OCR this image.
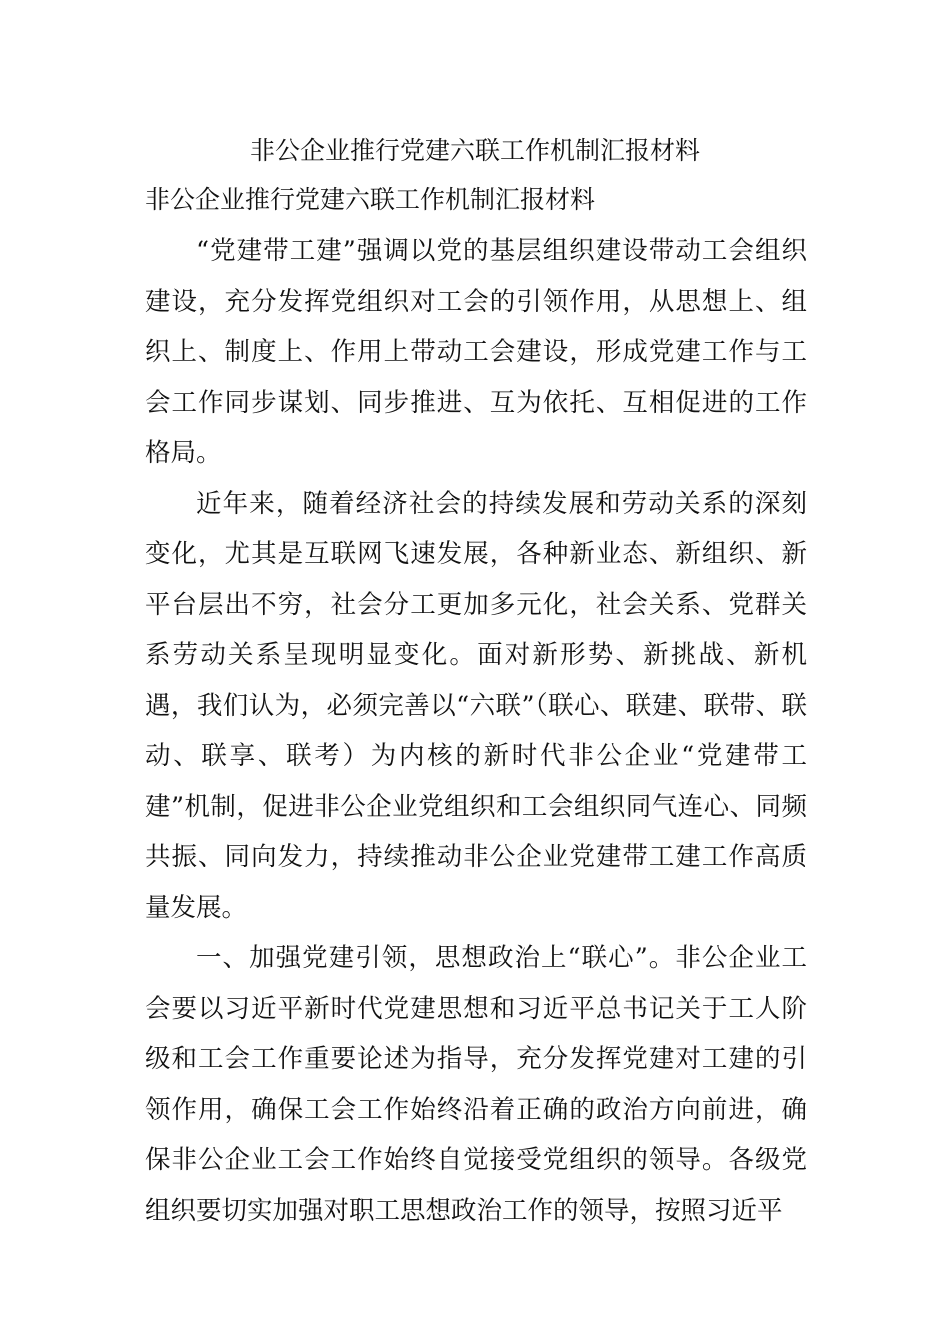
非公企业推行党建六联工作机制汇报材料
非公企业推行党建六联工作机制汇报材料

“党建带工建”强调以党的基层组织建设带动工会组织建设，充分发挥党组织对工会的引领作用，从思想上、组织上、制度上、作用上带动工会建设，形成党建工作与工会工作同步谋划、同步推进、互为依托、互相促进的工作格局。

近年来，随着经济社会的持续发展和劳动关系的深刻变化，尤其是互联网飞速发展，各种新业态、新组织、新平台层出不穷，社会分工更加多元化，社会关系、党群关系劳动关系呈现明显变化。面对新形势、新挑战、新机遇，我们认为，必须完善以“六联”（联心、联建、联带、联动、联享、联考）为内核的新时代非公企业“党建带工建”机制，促进非公企业党组织和工会组织同气连心、同频共振、同向发力，持续推动非公企业党建带工建工作高质量发展。

一、加强党建引领，思想政治上“联心”。非公企业工会要以习近平新时代党建思想和习近平总书记关于工人阶级和工会工作重要论述为指导，充分发挥党建对工建的引领作用，确保工会工作始终沿着正确的政治方向前进，确保非公企业工会工作始终自觉接受党组织的领导。各级党组织要切实加强对职工思想政治工作的领导，按照习近平
